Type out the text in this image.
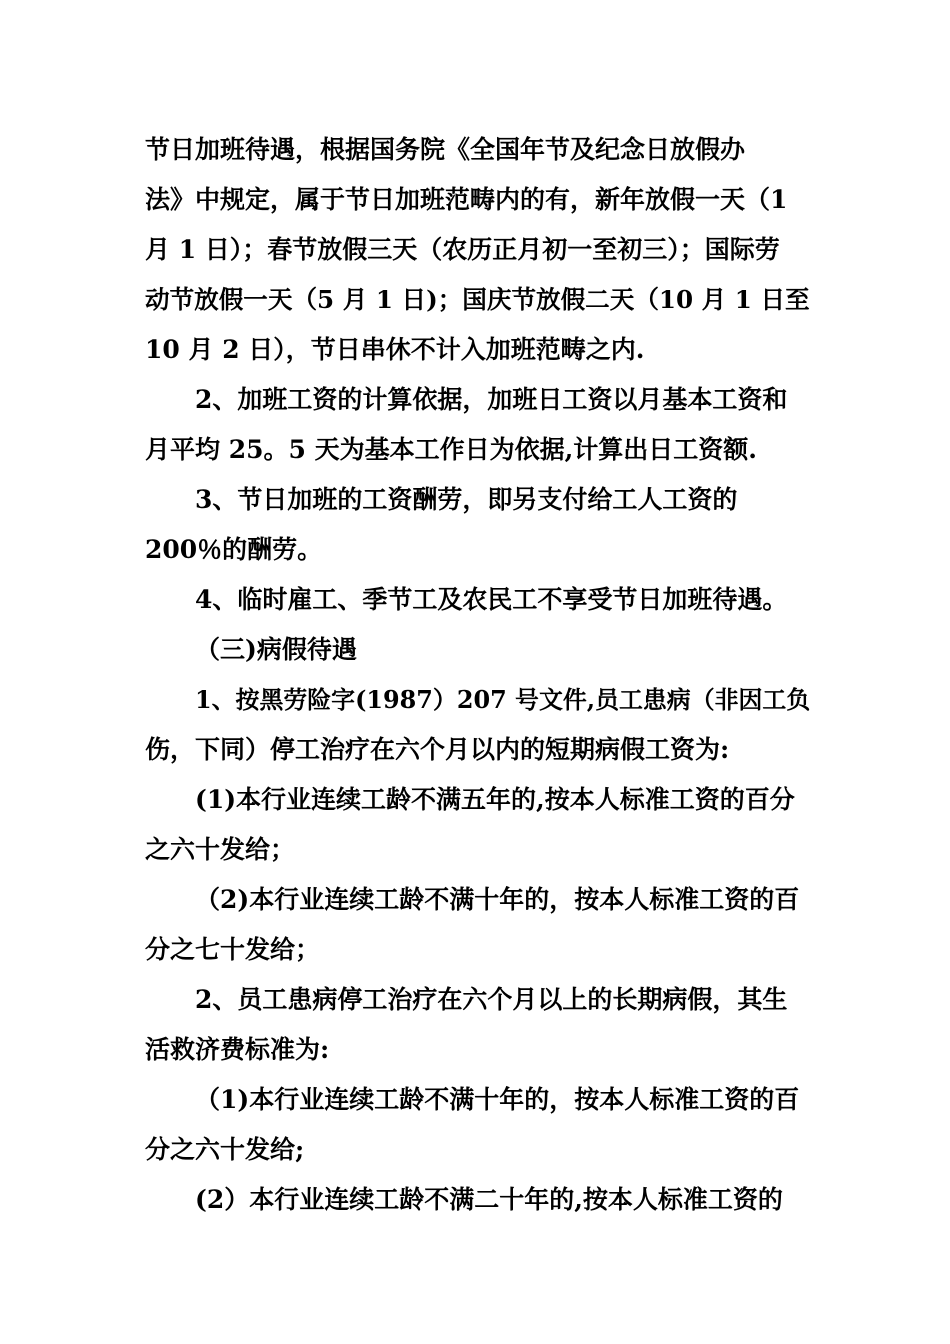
节日加班待遇，根据国务院《全国年节及纪念日放假办
法》中规定，属于节日加班范畴内的有，新年放假一天（1
月 1 日）；春节放假三天（农历正月初一至初三）；国际劳
动节放假一天（5 月 1 日)；国庆节放假二天（10 月 1 日至
10 月 2 日），节日串休不计入加班范畴之内.
2、加班工资的计算依据，加班日工资以月基本工资和
月平均 25。5 天为基本工作日为依据,计算出日工资额.
3、节日加班的工资酬劳，即另支付给工人工资的
200％的酬劳。
4、临时雇工、季节工及农民工不享受节日加班待遇。
（三)病假待遇
1、按黑劳险字(1987）207 号文件,员工患病（非因工负
伤，下同）停工治疗在六个月以内的短期病假工资为:
(1)本行业连续工龄不满五年的,按本人标准工资的百分
之六十发给；
（2)本行业连续工龄不满十年的，按本人标准工资的百
分之七十发给；
2、员工患病停工治疗在六个月以上的长期病假，其生
活救济费标准为:
（1)本行业连续工龄不满十年的，按本人标准工资的百
分之六十发给;
(2）本行业连续工龄不满二十年的,按本人标准工资的
